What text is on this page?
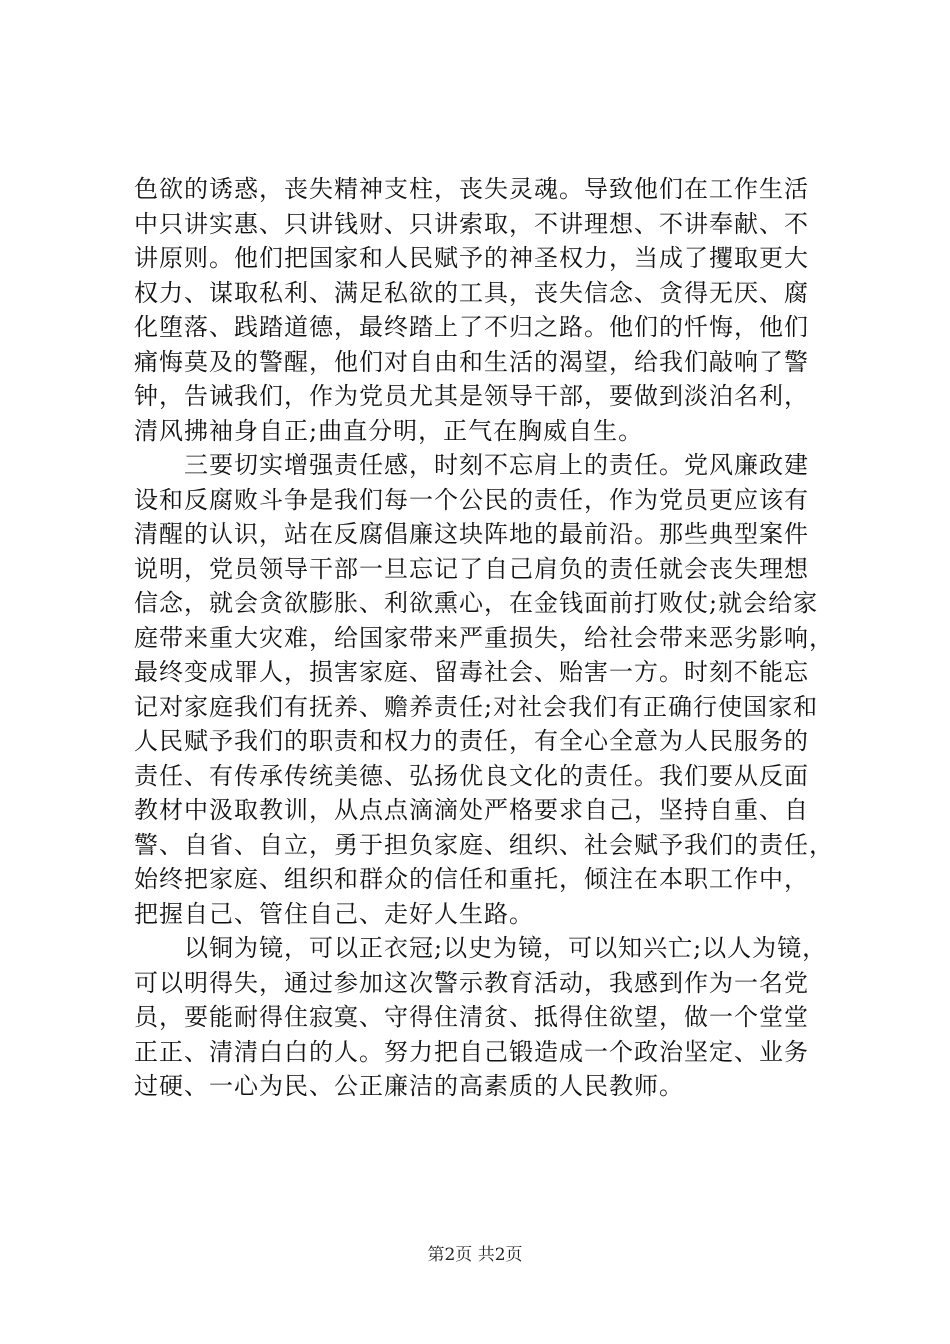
色欲的诱惑，丧失精神支柱，丧失灵魂。导致他们在工作生活
中只讲实惠、只讲钱财、只讲索取，不讲理想、不讲奉献、不
讲原则。他们把国家和人民赋予的神圣权力，当成了攫取更大
权力、谋取私利、满足私欲的工具，丧失信念、贪得无厌、腐
化堕落、践踏道德，最终踏上了不归之路。他们的忏悔，他们
痛悔莫及的警醒，他们对自由和生活的渴望，给我们敲响了警
钟，告诫我们，作为党员尤其是领导干部，要做到淡泊名利，
清风拂袖身自正;曲直分明，正气在胸威自生。
　　三要切实增强责任感，时刻不忘肩上的责任。党风廉政建
设和反腐败斗争是我们每一个公民的责任，作为党员更应该有
清醒的认识，站在反腐倡廉这块阵地的最前沿。那些典型案件
说明，党员领导干部一旦忘记了自己肩负的责任就会丧失理想
信念，就会贪欲膨胀、利欲熏心，在金钱面前打败仗;就会给家
庭带来重大灾难，给国家带来严重损失，给社会带来恶劣影响，
最终变成罪人，损害家庭、留毒社会、贻害一方。时刻不能忘
记对家庭我们有抚养、赡养责任;对社会我们有正确行使国家和
人民赋予我们的职责和权力的责任，有全心全意为人民服务的
责任、有传承传统美德、弘扬优良文化的责任。我们要从反面
教材中汲取教训，从点点滴滴处严格要求自己，坚持自重、自
警、自省、自立，勇于担负家庭、组织、社会赋予我们的责任，
始终把家庭、组织和群众的信任和重托，倾注在本职工作中，
把握自己、管住自己、走好人生路。
　　以铜为镜，可以正衣冠;以史为镜，可以知兴亡;以人为镜，
可以明得失，通过参加这次警示教育活动，我感到作为一名党
员，要能耐得住寂寞、守得住清贫、抵得住欲望，做一个堂堂
正正、清清白白的人。努力把自己锻造成一个政治坚定、业务
过硬、一心为民、公正廉洁的高素质的人民教师。
第2页 共2页
